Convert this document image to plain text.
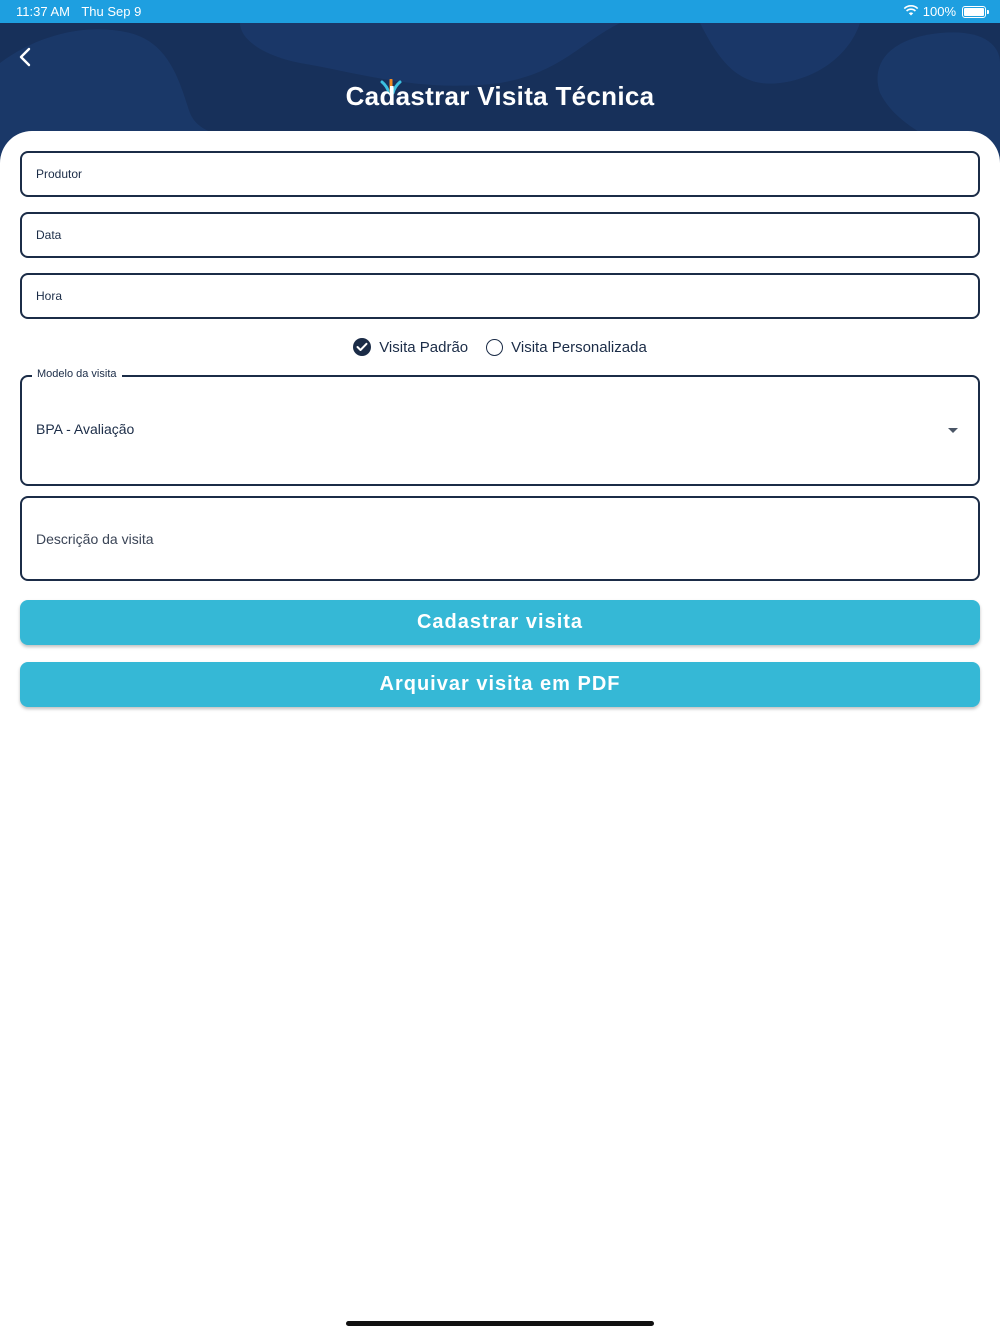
11:37 AM Thu Sep 9	100%
Cadastrar Visita Técnica
Produtor
Data
Hora
Visita Padrão	Visita Personalizada
Modelo da visita
BPA - Avaliação
Descrição da visita
Cadastrar visita
Arquivar visita em PDF
